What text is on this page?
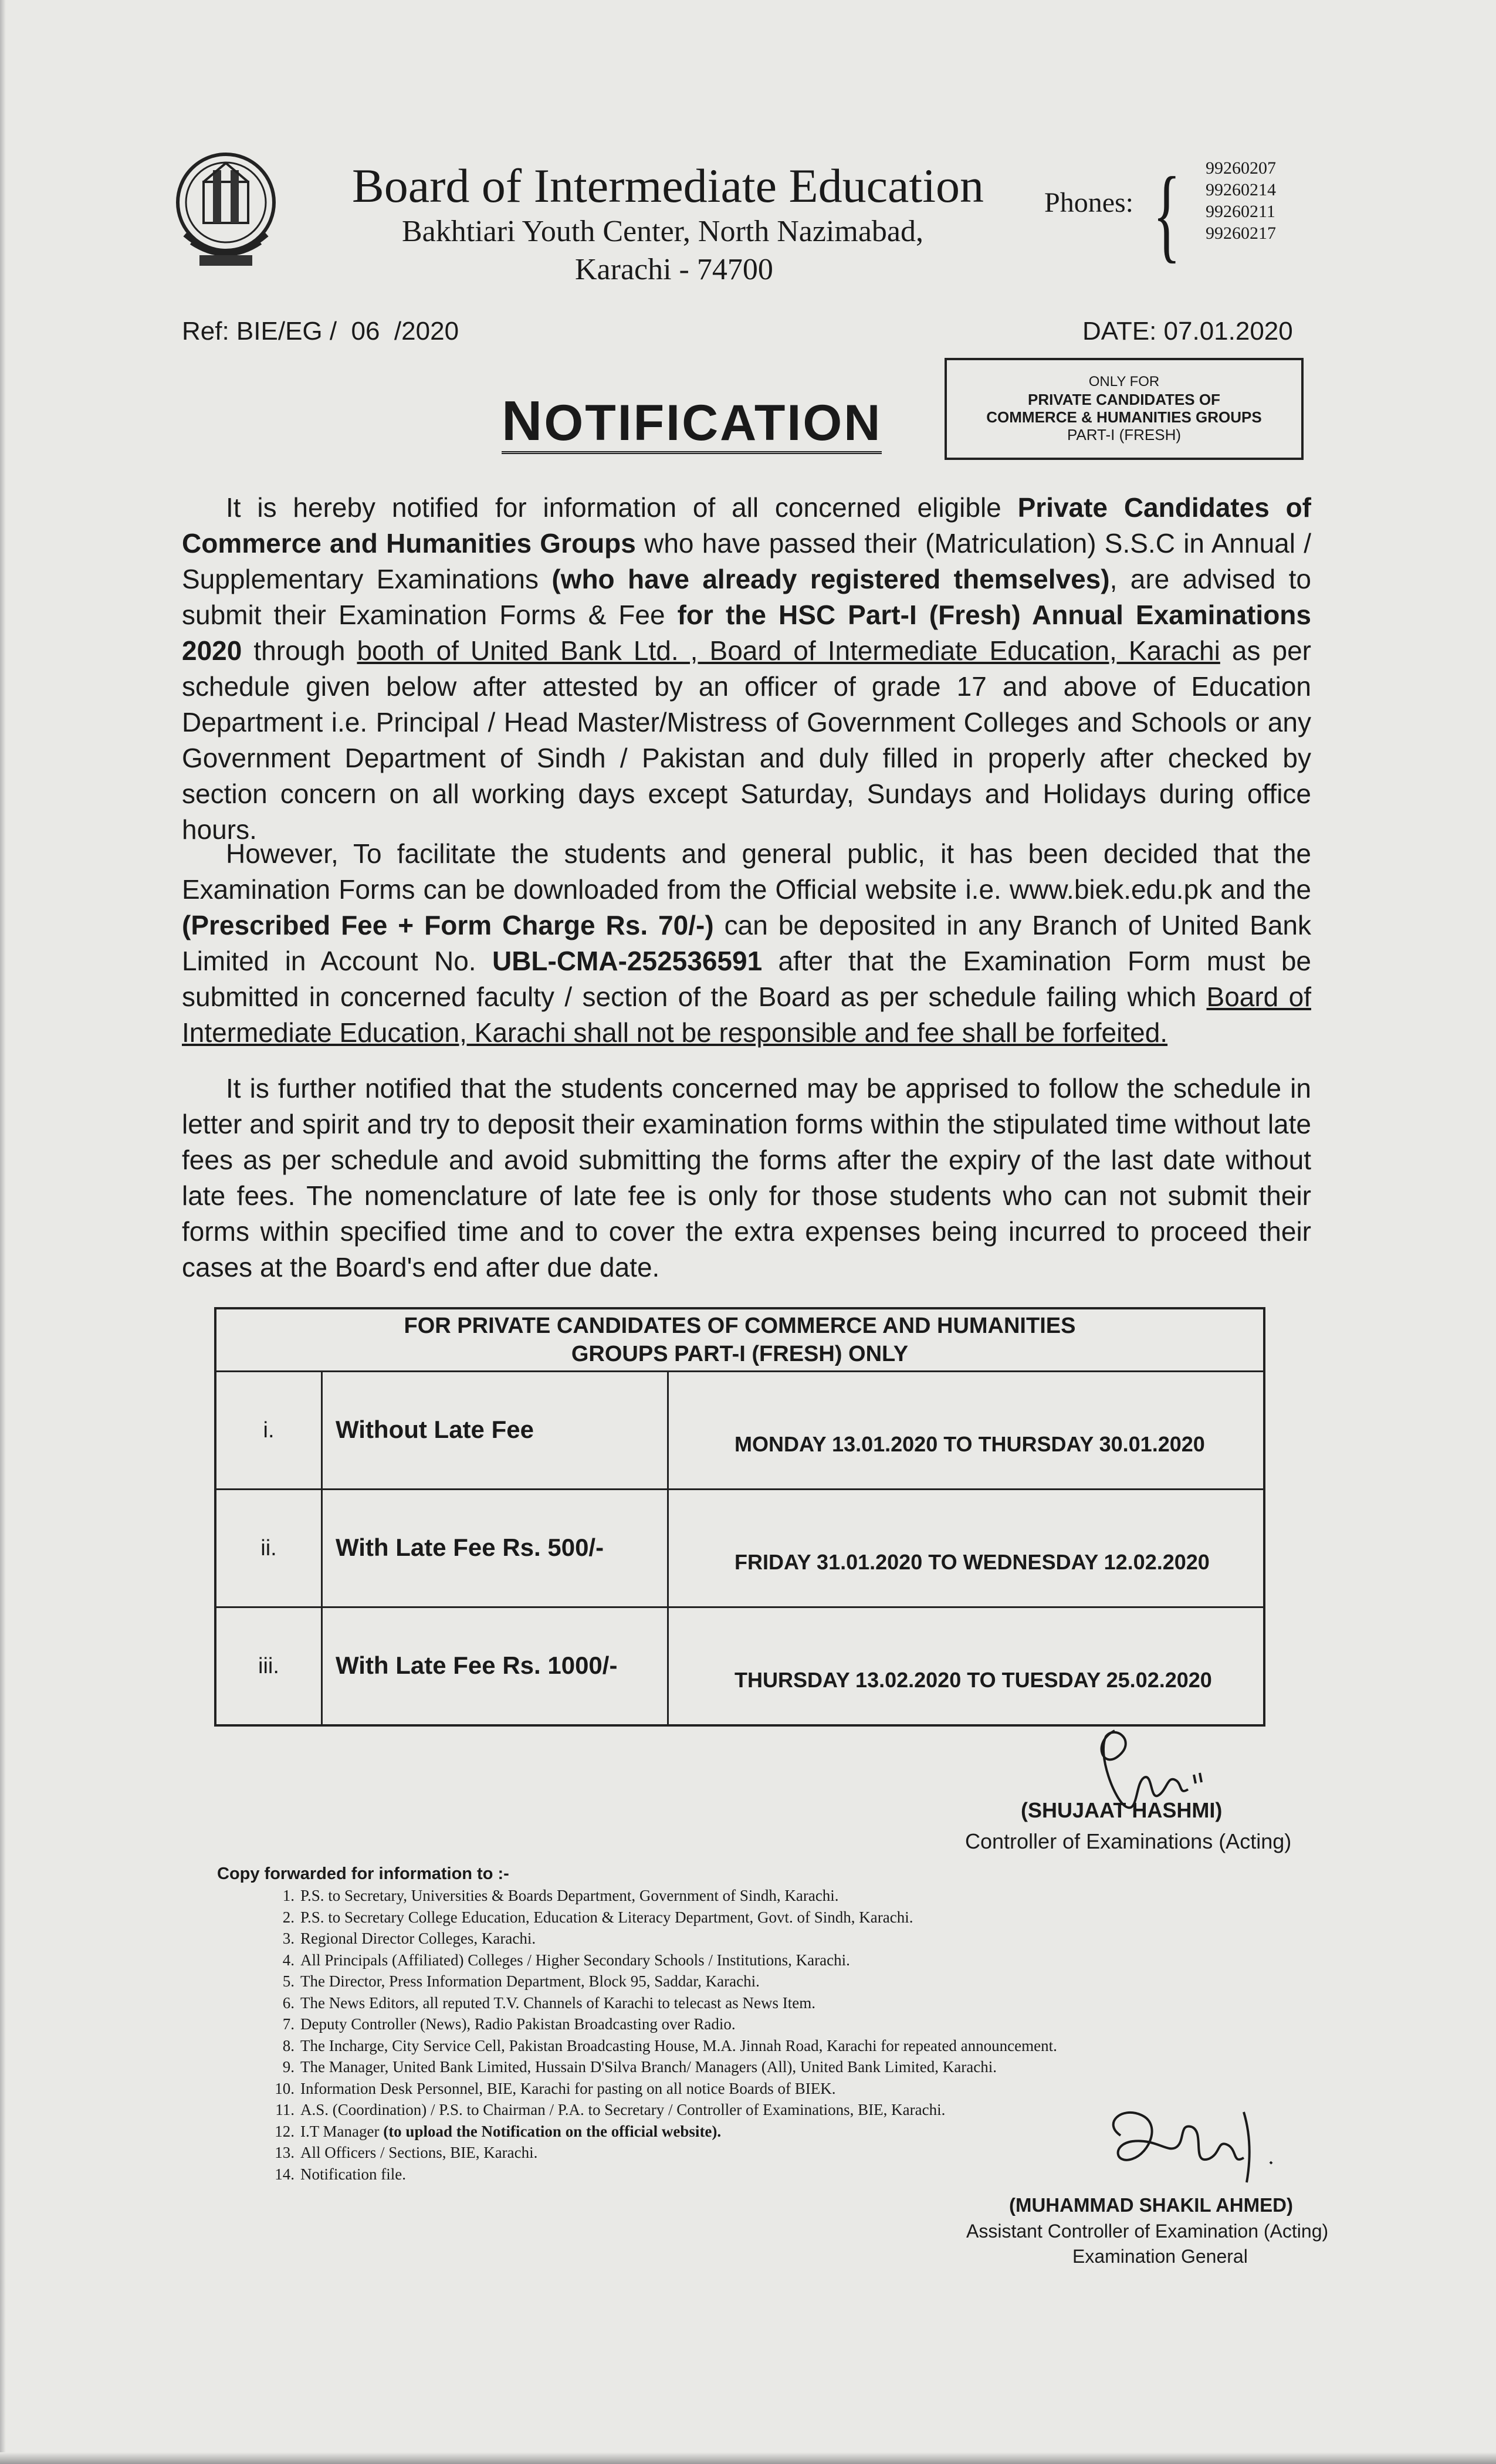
Board of Intermediate Education
Bakhtiari Youth Center, North Nazimabad,
Karachi - 74700
Phones: { 99260207
99260214
99260211
99260217
Ref: BIE/EG /  06  /2020	DATE: 07.01.2020
NOTIFICATION
ONLY FOR
PRIVATE CANDIDATES OF
COMMERCE & HUMANITIES GROUPS
PART-I (FRESH)

It is hereby notified for information of all concerned eligible Private Candidates of Commerce and Humanities Groups who have passed their (Matriculation) S.S.C in Annual / Supplementary Examinations (who have already registered themselves), are advised to submit their Examination Forms & Fee for the HSC Part-I (Fresh) Annual Examinations 2020 through booth of United Bank Ltd. , Board of Intermediate Education, Karachi as per schedule given below after attested by an officer of grade 17 and above of Education Department i.e. Principal / Head Master/Mistress of Government Colleges and Schools or any Government Department of Sindh / Pakistan and duly filled in properly after checked by section concern on all working days except Saturday, Sundays and Holidays during office hours.

However, To facilitate the students and general public, it has been decided that the Examination Forms can be downloaded from the Official website i.e. www.biek.edu.pk and the (Prescribed Fee + Form Charge Rs. 70/-) can be deposited in any Branch of United Bank Limited in Account No. UBL-CMA-252536591 after that the Examination Form must be submitted in concerned faculty / section of the Board as per schedule failing which Board of Intermediate Education, Karachi shall not be responsible and fee shall be forfeited.

It is further notified that the students concerned may be apprised to follow the schedule in letter and spirit and try to deposit their examination forms within the stipulated time without late fees as per schedule and avoid submitting the forms after the expiry of the last date without late fees. The nomenclature of late fee is only for those students who can not submit their forms within specified time and to cover the extra expenses being incurred to proceed their cases at the Board's end after due date.

FOR PRIVATE CANDIDATES OF COMMERCE AND HUMANITIES
GROUPS PART-I (FRESH) ONLY		

i.	Without Late Fee	MONDAY 13.01.2020 TO THURSDAY 30.01.2020
ii.	With Late Fee Rs. 500/-	FRIDAY 31.01.2020 TO WEDNESDAY 12.02.2020
iii.	With Late Fee Rs. 1000/-	THURSDAY 13.02.2020 TO TUESDAY 25.02.2020
(SHUJAAT HASHMI)
Controller of Examinations (Acting)
Copy forwarded for information to :-
1. P.S. to Secretary, Universities & Boards Department, Government of Sindh, Karachi.
2. P.S. to Secretary College Education, Education & Literacy Department, Govt. of Sindh, Karachi.
3. Regional Director Colleges, Karachi.
4. All Principals (Affiliated) Colleges / Higher Secondary Schools / Institutions, Karachi.
5. The Director, Press Information Department, Block 95, Saddar, Karachi.
6. The News Editors, all reputed T.V. Channels of Karachi to telecast as News Item.
7. Deputy Controller (News), Radio Pakistan Broadcasting over Radio.
8. The Incharge, City Service Cell, Pakistan Broadcasting House, M.A. Jinnah Road, Karachi for repeated announcement.
9. The Manager, United Bank Limited, Hussain D'Silva Branch/ Managers (All), United Bank Limited, Karachi.
10. Information Desk Personnel, BIE, Karachi for pasting on all notice Boards of BIEK.
11. A.S. (Coordination) / P.S. to Chairman / P.A. to Secretary / Controller of Examinations, BIE, Karachi.
12. I.T Manager (to upload the Notification on the official website).
13. All Officers / Sections, BIE, Karachi.
14. Notification file.
(MUHAMMAD SHAKIL AHMED)
Assistant Controller of Examination (Acting)
Examination General
